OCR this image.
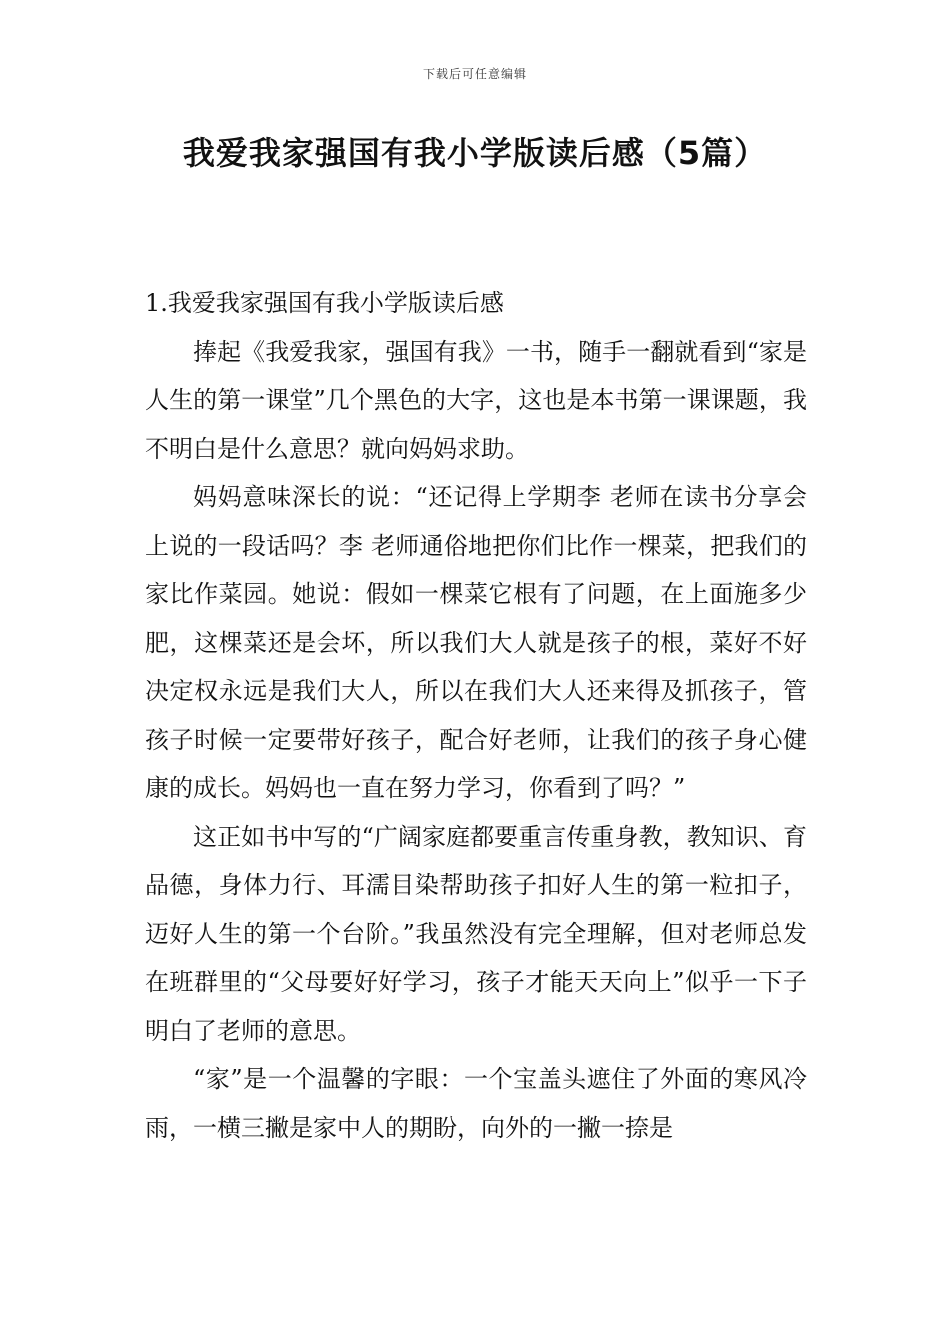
下载后可任意编辑
我爱我家强国有我小学版读后感（5篇）

1.我爱我家强国有我小学版读后感

捧起《我爱我家，强国有我》一书，随手一翻就看到“家是人生的第一课堂”几个黑色的大字，这也是本书第一课课题，我不明白是什么意思？就向妈妈求助。

妈妈意味深长的说：“还记得上学期李 老师在读书分享会上说的一段话吗？李 老师通俗地把你们比作一棵菜，把我们的家比作菜园。她说：假如一棵菜它根有了问题，在上面施多少肥，这棵菜还是会坏，所以我们大人就是孩子的根，菜好不好决定权永远是我们大人，所以在我们大人还来得及抓孩子，管孩子时候一定要带好孩子，配合好老师，让我们的孩子身心健康的成长。妈妈也一直在努力学习，你看到了吗？”

这正如书中写的“广阔家庭都要重言传重身教，教知识、育品德，身体力行、耳濡目染帮助孩子扣好人生的第一粒扣子，迈好人生的第一个台阶。”我虽然没有完全理解，但对老师总发在班群里的“父母要好好学习，孩子才能天天向上”似乎一下子明白了老师的意思。

“家”是一个温馨的字眼：一个宝盖头遮住了外面的寒风冷雨，一横三撇是家中人的期盼，向外的一撇一捺是
